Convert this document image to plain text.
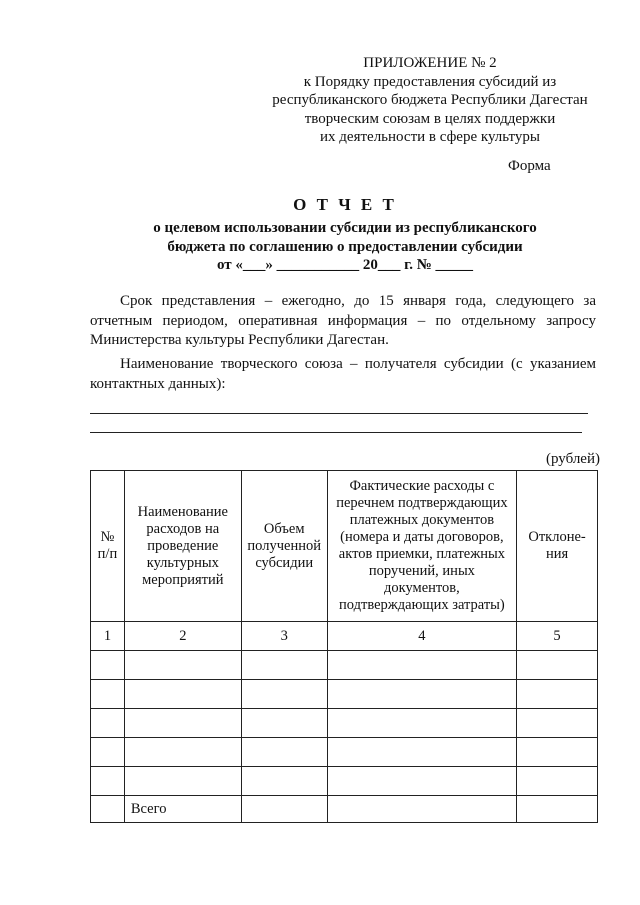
ПРИЛОЖЕНИЕ № 2
к Порядку предоставления субсидий из
республиканского бюджета Республики Дагестан
творческим союзам в целях поддержки
их деятельности в сфере культуры
Форма
О Т Ч Е Т
о целевом использовании субсидии из республиканского
бюджета по соглашению о предоставлении субсидии
от «___» ___________ 20___ г. № _____
Срок представления – ежегодно, до 15 января года, следующего за отчетным периодом, оперативная информация – по отдельному запросу Министерства культуры Республики Дагестан.
Наименование творческого союза – получателя субсидии (с указанием контактных данных):
(рублей)
№ п/п	Наименование расходов на проведение культурных мероприятий	Объем полученной субсидии	Фактические расходы с перечнем подтверждающих платежных документов (номера и даты договоров, актов приемки, платежных поручений, иных документов, подтверждающих затраты)	Отклоне-ния
1	2	3	4	5

	Всего			
